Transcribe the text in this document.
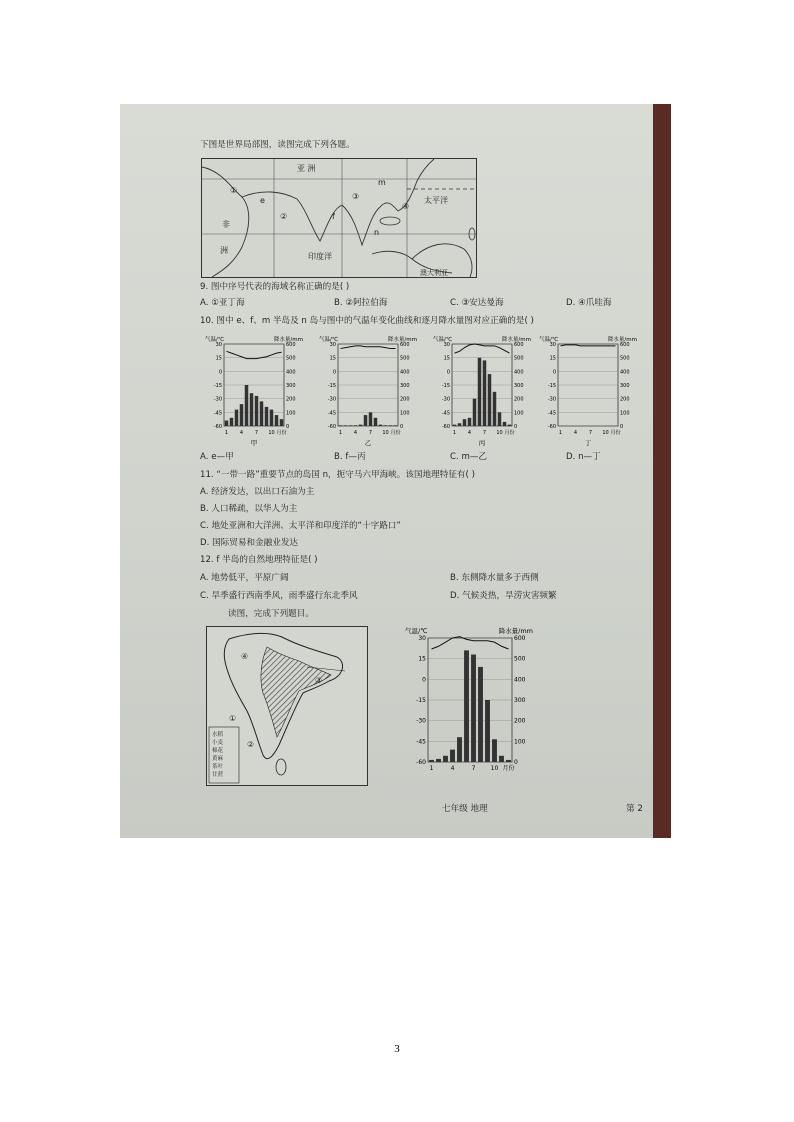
下图是世界局部图，读图完成下列各题。
亚 洲
太平洋
印度洋
澳大利亚
洲
非
①
②
③
④
m
e
f
n
9. 图中序号代表的海域名称正确的是( )
A. ①亚丁海	B. ②阿拉伯海	C. ③安达曼海	D. ④爪哇海
10. 图中 e、f、m 半岛及 n 岛与图中的气温年变化曲线和逐月降水量图对应正确的是( )
气温/℃	降水量/mm
30
15
0
-15
-30
-45
-60
600
500
400
300
200
100
0
1 4 7 10 月份
甲
气温/℃	降水量/mm
30
15
0
-15
-30
-45
-60
600
500
400
300
200
100
0
1 4 7 10 月份
乙
气温/℃	降水量/mm
30
15
0
-15
-30
-45
-60
600
500
400
300
200
100
0
1 4 7 10 月份
丙
气温/℃	降水量/mm
30
15
0
-15
-30
-45
-60
600
500
400
300
200
100
0
1 4 7 10 月份
丁
A. e—甲	B. f—丙	C. m—乙	D. n—丁
11. “一带一路”重要节点的岛国 n，扼守马六甲海峡。该国地理特征有( )
A. 经济发达，以出口石油为主
B. 人口稀疏，以华人为主
C. 地处亚洲和大洋洲、太平洋和印度洋的“十字路口”
D. 国际贸易和金融业发达
12. f 半岛的自然地理特征是( )
A. 地势低平，平原广阔	B. 东侧降水量多于西侧
C. 旱季盛行西南季风，雨季盛行东北季风	D. 气候炎热，旱涝灾害频繁
读图，完成下列题目。
④
①
③
②
水稻
小麦
棉花
黄麻
茶叶
甘蔗
气温/℃	降水量/mm
30
15
0
-15
-30
-45
-60
600
500
400
300
200
100
0
1	4	7	10 月份
七年级 地理	第 2
3
